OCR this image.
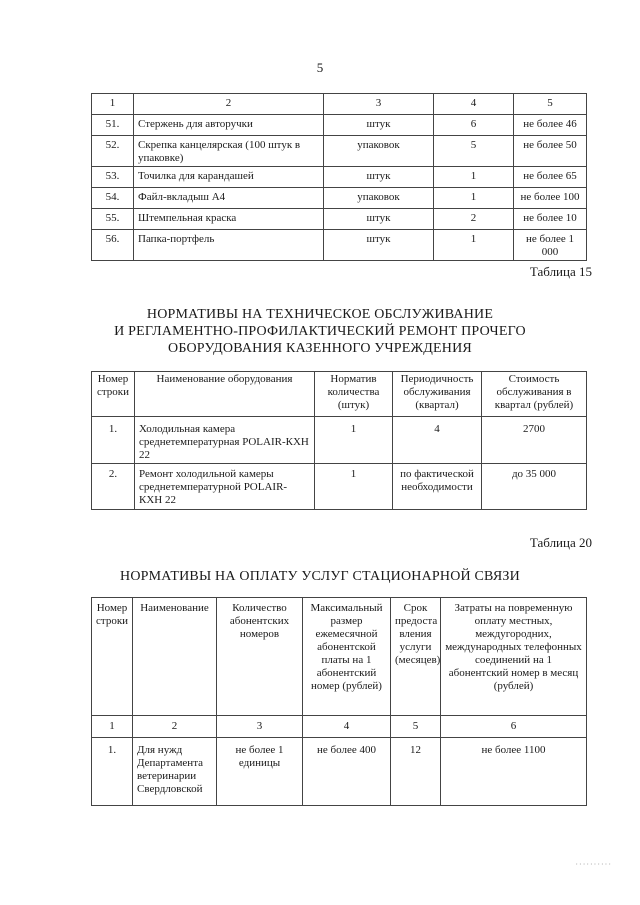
5
1	2	3	4	5
51.	Стержень для авторучки	штук	6	не более 46
52.	Скрепка канцелярская (100 штук в упаковке)	упаковок	5	не более 50
53.	Точилка для карандашей	штук	1	не более 65
54.	Файл-вкладыш А4	упаковок	1	не более 100
55.	Штемпельная краска	штук	2	не более 10
56.	Папка-портфель	штук	1	не более 1 000
Таблица 15
НОРМАТИВЫ НА ТЕХНИЧЕСКОЕ ОБСЛУЖИВАНИЕ
И РЕГЛАМЕНТНО-ПРОФИЛАКТИЧЕСКИЙ РЕМОНТ ПРОЧЕГО
ОБОРУДОВАНИЯ КАЗЕННОГО УЧРЕЖДЕНИЯ
Номер строки	Наименование оборудования	Норматив количества (штук)	Периодичность обслуживания (квартал)	Стоимость обслуживания в квартал (рублей)
1.	Холодильная камера среднетемпературная POLAIR-КХН 22	1	4	2700
2.	Ремонт холодильной камеры среднетемпературной POLAIR-КХН 22	1	по фактической необходимости	до 35 000
Таблица 20
НОРМАТИВЫ НА ОПЛАТУ УСЛУГ СТАЦИОНАРНОЙ СВЯЗИ
Номер строки	Наименование	Количество абонентских номеров	Максимальный размер ежемесячной абонентской платы на 1 абонентский номер (рублей)	Срок предоста вления услуги (месяцев)	Затраты на повременную оплату местных, междугородних, международных телефонных соединений на 1 абонентский номер в месяц (рублей)
1	2	3	4	5	6
1.	Для нужд Департамента ветеринарии Свердловской	не более 1 единицы	не более 400	12	не более 1100
··········
